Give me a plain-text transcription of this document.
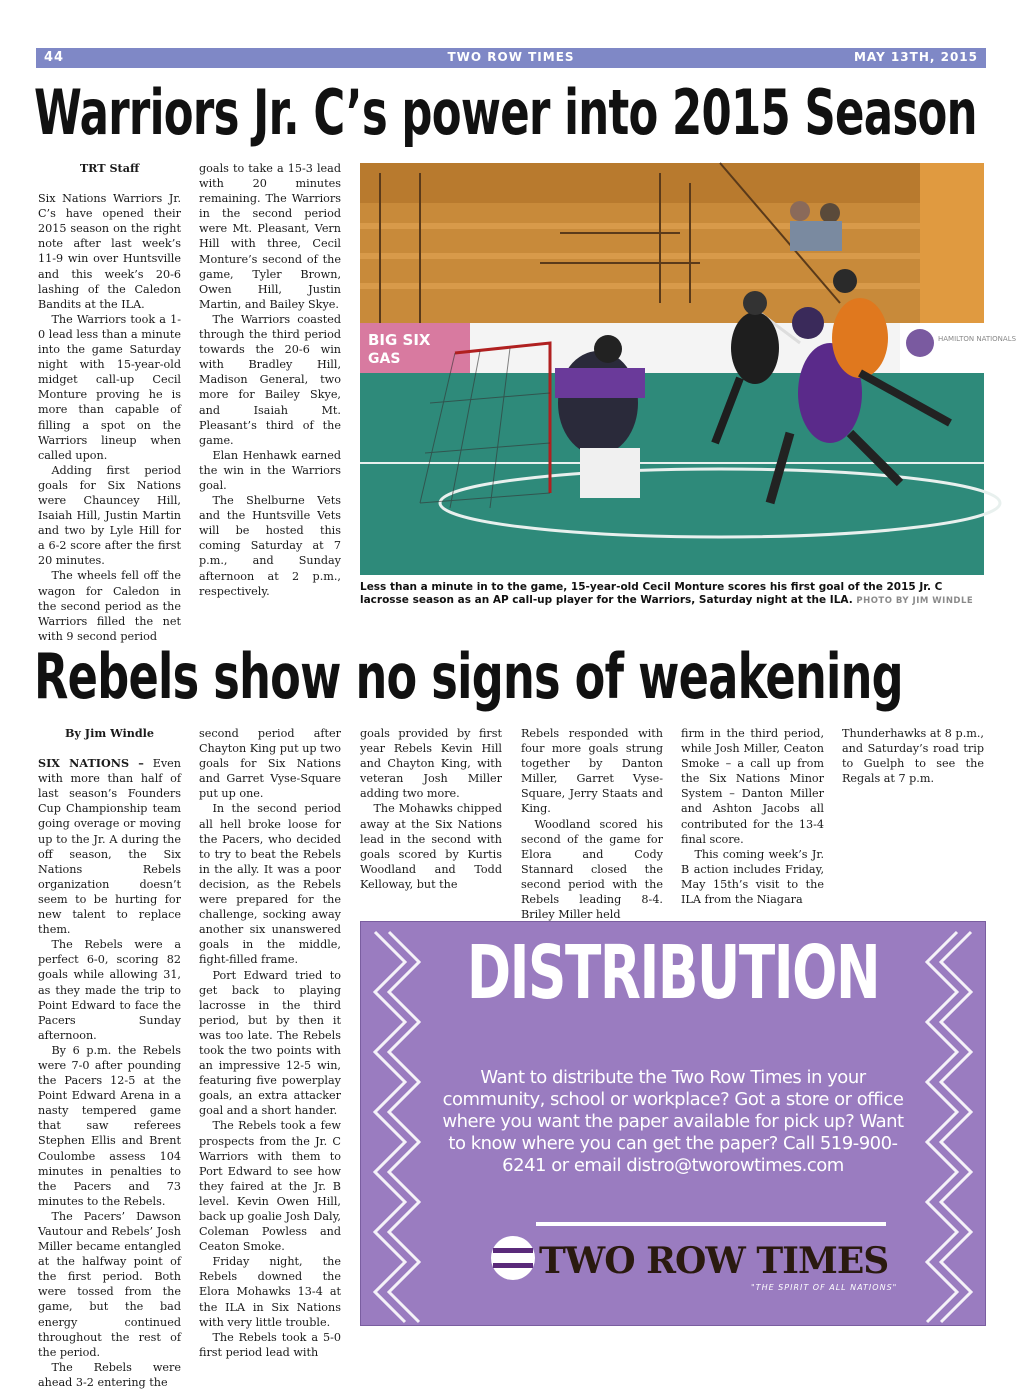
44	TWO ROW TIMES	MAY 13TH, 2015
Warriors Jr. C’s power into 2015 Season

TRT Staff

Six Nations Warriors Jr. C’s have opened their 2015 season on the right note after last week’s 11-9 win over Huntsville and this week’s 20-6 lashing of the Caledon Bandits at the ILA.

The Warriors took a 1-0 lead less than a minute into the game Saturday night with 15-year-old midget call-up Cecil Monture proving he is more than capable of filling a spot on the Warriors lineup when called upon.

Adding first period goals for Six Nations were Chauncey Hill, Isaiah Hill, Justin Martin and two by Lyle Hill for a 6-2 score after the first 20 minutes.

The wheels fell off the wagon for Caledon in the second period as the Warriors filled the net with 9 second period

goals to take a 15-3 lead with 20 minutes remaining. The Warriors in the second period were Mt. Pleasant, Vern Hill with three, Cecil Monture’s second of the game, Tyler Brown, Owen Hill, Justin Martin, and Bailey Skye.

The Warriors coasted through the third period towards the 20-6 win with Bradley Hill, Madison General, two more for Bailey Skye, and Isaiah Mt. Pleasant’s third of the game.

Elan Henhawk earned the win in the Warriors goal.

The Shelburne Vets and the Huntsville Vets will be hosted this coming Saturday at 7 p.m., and Sunday afternoon at 2 p.m., respectively.

BIG SIX
GAS
HAMILTON NATIONALS
Less than a minute in to the game, 15-year-old Cecil Monture scores his first goal of the 2015 Jr. C lacrosse season as an AP call-up player for the Warriors, Saturday night at the ILA. PHOTO BY JIM WINDLE
Rebels show no signs of weakening

By Jim Windle

SIX NATIONS – Even with more than half of last season’s Founders Cup Championship team going overage or moving up to the Jr. A during the off season, the Six Nations Rebels organization doesn’t seem to be hurting for new talent to replace them.

The Rebels were a perfect 6-0, scoring 82 goals while allowing 31, as they made the trip to Point Edward to face the Pacers Sunday afternoon.

By 6 p.m. the Rebels were 7-0 after pounding the Pacers 12-5 at the Point Edward Arena in a nasty tempered game that saw referees Stephen Ellis and Brent Coulombe assess 104 minutes in penalties to the Pacers and 73 minutes to the Rebels.

The Pacers’ Dawson Vautour and Rebels’ Josh Miller became entangled at the halfway point of the first period. Both were tossed from the game, but the bad energy continued throughout the rest of the period.

The Rebels were ahead 3-2 entering the

second period after Chayton King put up two goals for Six Nations and Garret Vyse-Square put up one.

In the second period all hell broke loose for the Pacers, who decided to try to beat the Rebels in the ally. It was a poor decision, as the Rebels were prepared for the challenge, socking away another six unanswered goals in the middle, fight-filled frame.

Port Edward tried to get back to playing lacrosse in the third period, but by then it was too late. The Rebels took the two points with an impressive 12-5 win, featuring five powerplay goals, an extra attacker goal and a short hander.

The Rebels took a few prospects from the Jr. C Warriors with them to Port Edward to see how they faired at the Jr. B level. Kevin Owen Hill, back up goalie Josh Daly, Coleman Powless and Ceaton Smoke.

Friday night, the Rebels downed the Elora Mohawks 13-4 at the ILA in Six Nations with very little trouble.

The Rebels took a 5-0 first period lead with

goals provided by first year Rebels Kevin Hill and Chayton King, with veteran Josh Miller adding two more.

The Mohawks chipped away at the Six Nations lead in the second with goals scored by Kurtis Woodland and Todd Kelloway, but the

Rebels responded with four more goals strung together by Danton Miller, Garret Vyse-Square, Jerry Staats and King.

Woodland scored his second of the game for Elora and Cody Stannard closed the second period with the Rebels leading 8-4. Briley Miller held

firm in the third period, while Josh Miller, Ceaton Smoke – a call up from the Six Nations Minor System – Danton Miller and Ashton Jacobs all contributed for the 13-4 final score.

This coming week’s Jr. B action includes Friday, May 15th’s visit to the ILA from the Niagara

Thunderhawks at 8 p.m., and Saturday’s road trip to Guelph to see the Regals at 7 p.m.

DISTRIBUTION
Want to distribute the Two Row Times in your community, school or workplace? Got a store or office where you want the paper available for pick up? Want to know where you can get the paper? Call 519-900-6241 or email distro@tworowtimes.com
TWO ROW TIMES
"THE SPIRIT OF ALL NATIONS"
